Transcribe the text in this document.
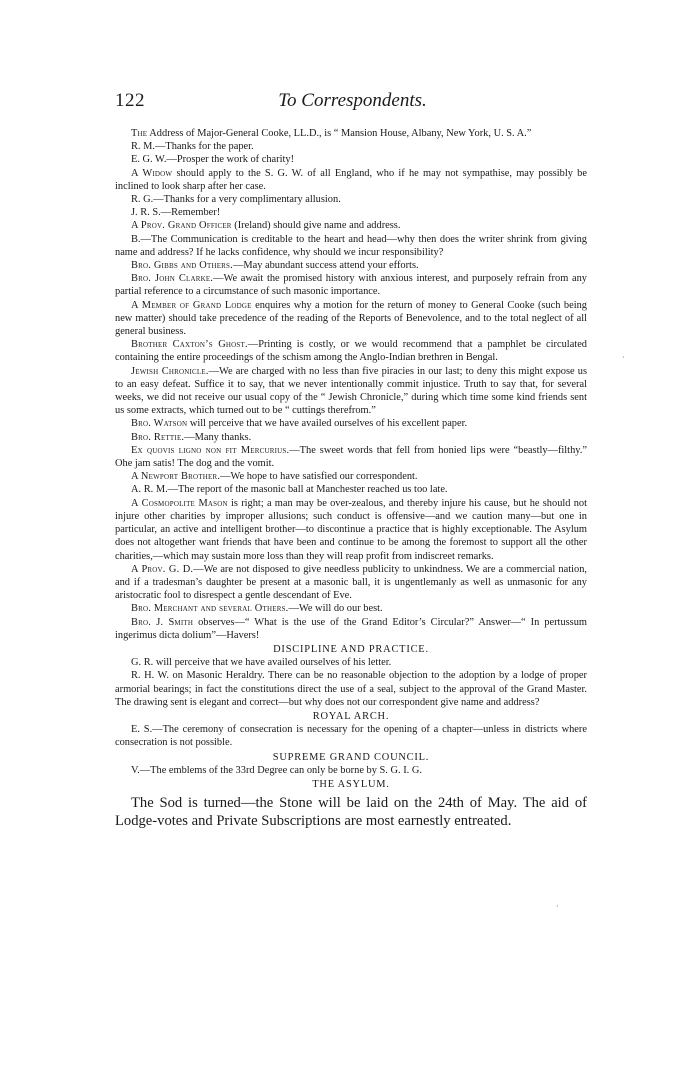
122	To Correspondents.

The Address of Major-General Cooke, LL.D., is “ Mansion House, Albany, New York, U. S. A.”

R. M.—Thanks for the paper.

E. G. W.—Prosper the work of charity!

A Widow should apply to the S. G. W. of all England, who if he may not sympathise, may possibly be inclined to look sharp after her case.

R. G.—Thanks for a very complimentary allusion.

J. R. S.—Remember!

A Prov. Grand Officer (Ireland) should give name and address.

B.—The Communication is creditable to the heart and head—why then does the writer shrink from giving name and address? If he lacks confidence, why should we incur responsibility?

Bro. Gibbs and Others.—May abundant success attend your efforts.

Bro. John Clarke.—We await the promised history with anxious interest, and purposely refrain from any partial reference to a circumstance of such masonic importance.

A Member of Grand Lodge enquires why a motion for the return of money to General Cooke (such being new matter) should take precedence of the reading of the Reports of Benevolence, and to the total neglect of all general business.

Brother Caxton’s Ghost.—Printing is costly, or we would recommend that a pamphlet be circulated containing the entire proceedings of the schism among the Anglo-Indian brethren in Bengal.

Jewish Chronicle.—We are charged with no less than five piracies in our last; to deny this might expose us to an easy defeat. Suffice it to say, that we never intentionally commit injustice. Truth to say that, for several weeks, we did not receive our usual copy of the “ Jewish Chronicle,” during which time some kind friends sent us some extracts, which turned out to be “ cuttings therefrom.”

Bro. Watson will perceive that we have availed ourselves of his excellent paper.

Bro. Rettie.—Many thanks.

Ex quovis ligno non fit Mercurius.—The sweet words that fell from honied lips were “beastly—filthy.” Ohe jam satis! The dog and the vomit.

A Newport Brother.—We hope to have satisfied our correspondent.

A. R. M.—The report of the masonic ball at Manchester reached us too late.

A Cosmopolite Mason is right; a man may be over-zealous, and thereby injure his cause, but he should not injure other charities by improper allusions; such conduct is offensive—and we caution many—but one in particular, an active and intelligent brother—to discontinue a practice that is highly exceptionable. The Asylum does not altogether want friends that have been and continue to be among the foremost to support all the other charities,—which may sustain more loss than they will reap profit from indiscreet remarks.

A Prov. G. D.—We are not disposed to give needless publicity to unkindness. We are a commercial nation, and if a tradesman’s daughter be present at a masonic ball, it is ungentlemanly as well as unmasonic for any aristocratic fool to disrespect a gentle descendant of Eve.

Bro. Merchant and several Others.—We will do our best.

Bro. J. Smith observes—“ What is the use of the Grand Editor’s Circular?” Answer—“ In pertussum ingerimus dicta dolium”—Havers!

DISCIPLINE AND PRACTICE.

G. R. will perceive that we have availed ourselves of his letter.

R. H. W. on Masonic Heraldry. There can be no reasonable objection to the adoption by a lodge of proper armorial bearings; in fact the constitutions direct the use of a seal, subject to the approval of the Grand Master. The drawing sent is elegant and correct—but why does not our correspondent give name and address?

ROYAL ARCH.

E. S.—The ceremony of consecration is necessary for the opening of a chapter—unless in districts where consecration is not possible.

SUPREME GRAND COUNCIL.

V.—The emblems of the 33rd Degree can only be borne by S. G. I. G.

THE ASYLUM.

The Sod is turned—the Stone will be laid on the 24th of May. The aid of Lodge-votes and Private Subscriptions are most earnestly entreated.

·
·
